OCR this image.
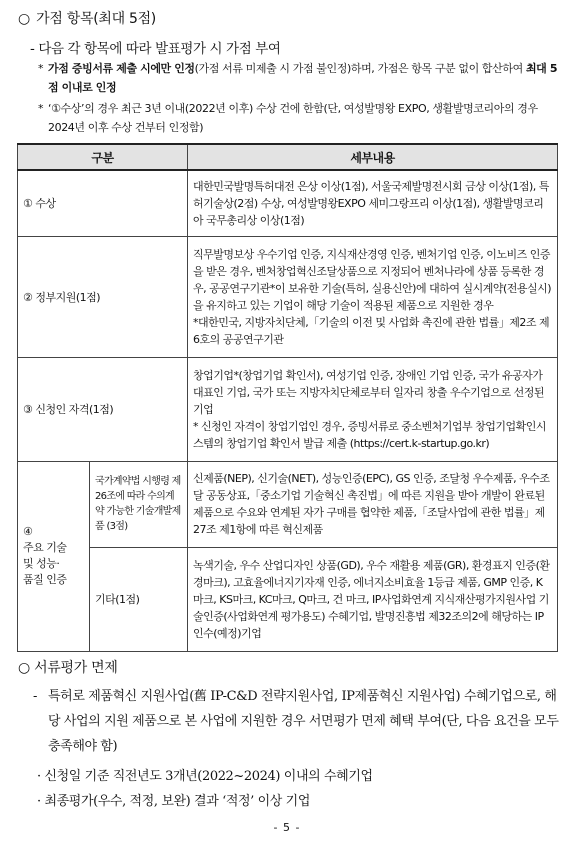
○ 가점 항목(최대 5점)
- 다음 각 항목에 따라 발표평가 시 가점 부여
* 가점 증빙서류 제출 시에만 인정(가점 서류 미제출 시 가점 불인정)하며, 가점은 항목 구분 없이 합산하여 최대 5점 이내로 인정
* ‘①수상’의 경우 최근 3년 이내(2022년 이후) 수상 건에 한함(단, 여성발명왕 EXPO, 생활발명코리아의 경우 2024년 이후 수상 건부터 인정함)
구분		세부내용
① 수상		대한민국발명특허대전 은상 이상(1점), 서울국제발명전시회 금상 이상(1점), 특허기술상(2점) 수상, 여성발명왕EXPO 세미그랑프리 이상(1점), 생활발명코리아 국무총리상 이상(1점)
② 정부지원(1점)		직무발명보상 우수기업 인증, 지식재산경영 인증, 벤처기업 인증, 이노비즈 인증을 받은 경우, 벤처창업혁신조달상품으로 지정되어 벤처나라에 상품 등록한 경우, 공공연구기관*이 보유한 기술(특허, 실용신안)에 대하여 실시계약(전용실시)을 유지하고 있는 기업이 해당 기술이 적용된 제품으로 지원한 경우
*대한민국, 지방자치단체,「기술의 이전 및 사업화 촉진에 관한 법률」제2조 제6호의 공공연구기관
③ 신청인 자격(1점)		창업기업*(창업기업 확인서), 여성기업 인증, 장애인 기업 인증, 국가 유공자가 대표인 기업, 국가 또는 지방자치단체로부터 일자리 창출 우수기업으로 선정된 기업
* 신청인 자격이 창업기업인 경우, 증빙서류로 중소벤처기업부 창업기업확인시스템의 창업기업 확인서 발급 제출 (https://cert.k-startup.go.kr)
④
주요 기술
및 성능·
품질 인증	국가계약법 시행령 제26조에 따라 수의계약 가능한 기술개발제품 (3점)	신제품(NEP), 신기술(NET), 성능인증(EPC), GS 인증, 조달청 우수제품, 우수조달 공동상표,「중소기업 기술혁신 촉진법」에 따른 지원을 받아 개발이 완료된 제품으로 수요와 연계된 자가 구매를 협약한 제품,「조달사업에 관한 법률」제27조 제1항에 따른 혁신제품
	기타(1점)	녹색기술, 우수 산업디자인 상품(GD), 우수 재활용 제품(GR), 환경표지 인증(환경마크), 고효율에너지기자재 인증, 에너지소비효율 1등급 제품, GMP 인증, K마크, KS마크, KC마크, Q마크, 건 마크, IP사업화연계 지식재산평가지원사업 기술인증(사업화연계 평가용도) 수혜기업, 발명진흥법 제32조의2에 해당하는 IP 인수(예정)기업
○ 서류평가 면제
- 특허로 제품혁신 지원사업(舊 IP-C&D 전략지원사업, IP제품혁신 지원사업) 수혜기업으로, 해당 사업의 지원 제품으로 본 사업에 지원한 경우 서면평가 면제 혜택 부여(단, 다음 요건을 모두 충족해야 함)
· 신청일 기준 직전년도 3개년(2022~2024) 이내의 수혜기업
· 최종평가(우수, 적정, 보완) 결과 ‘적정’ 이상 기업
- 5 -
